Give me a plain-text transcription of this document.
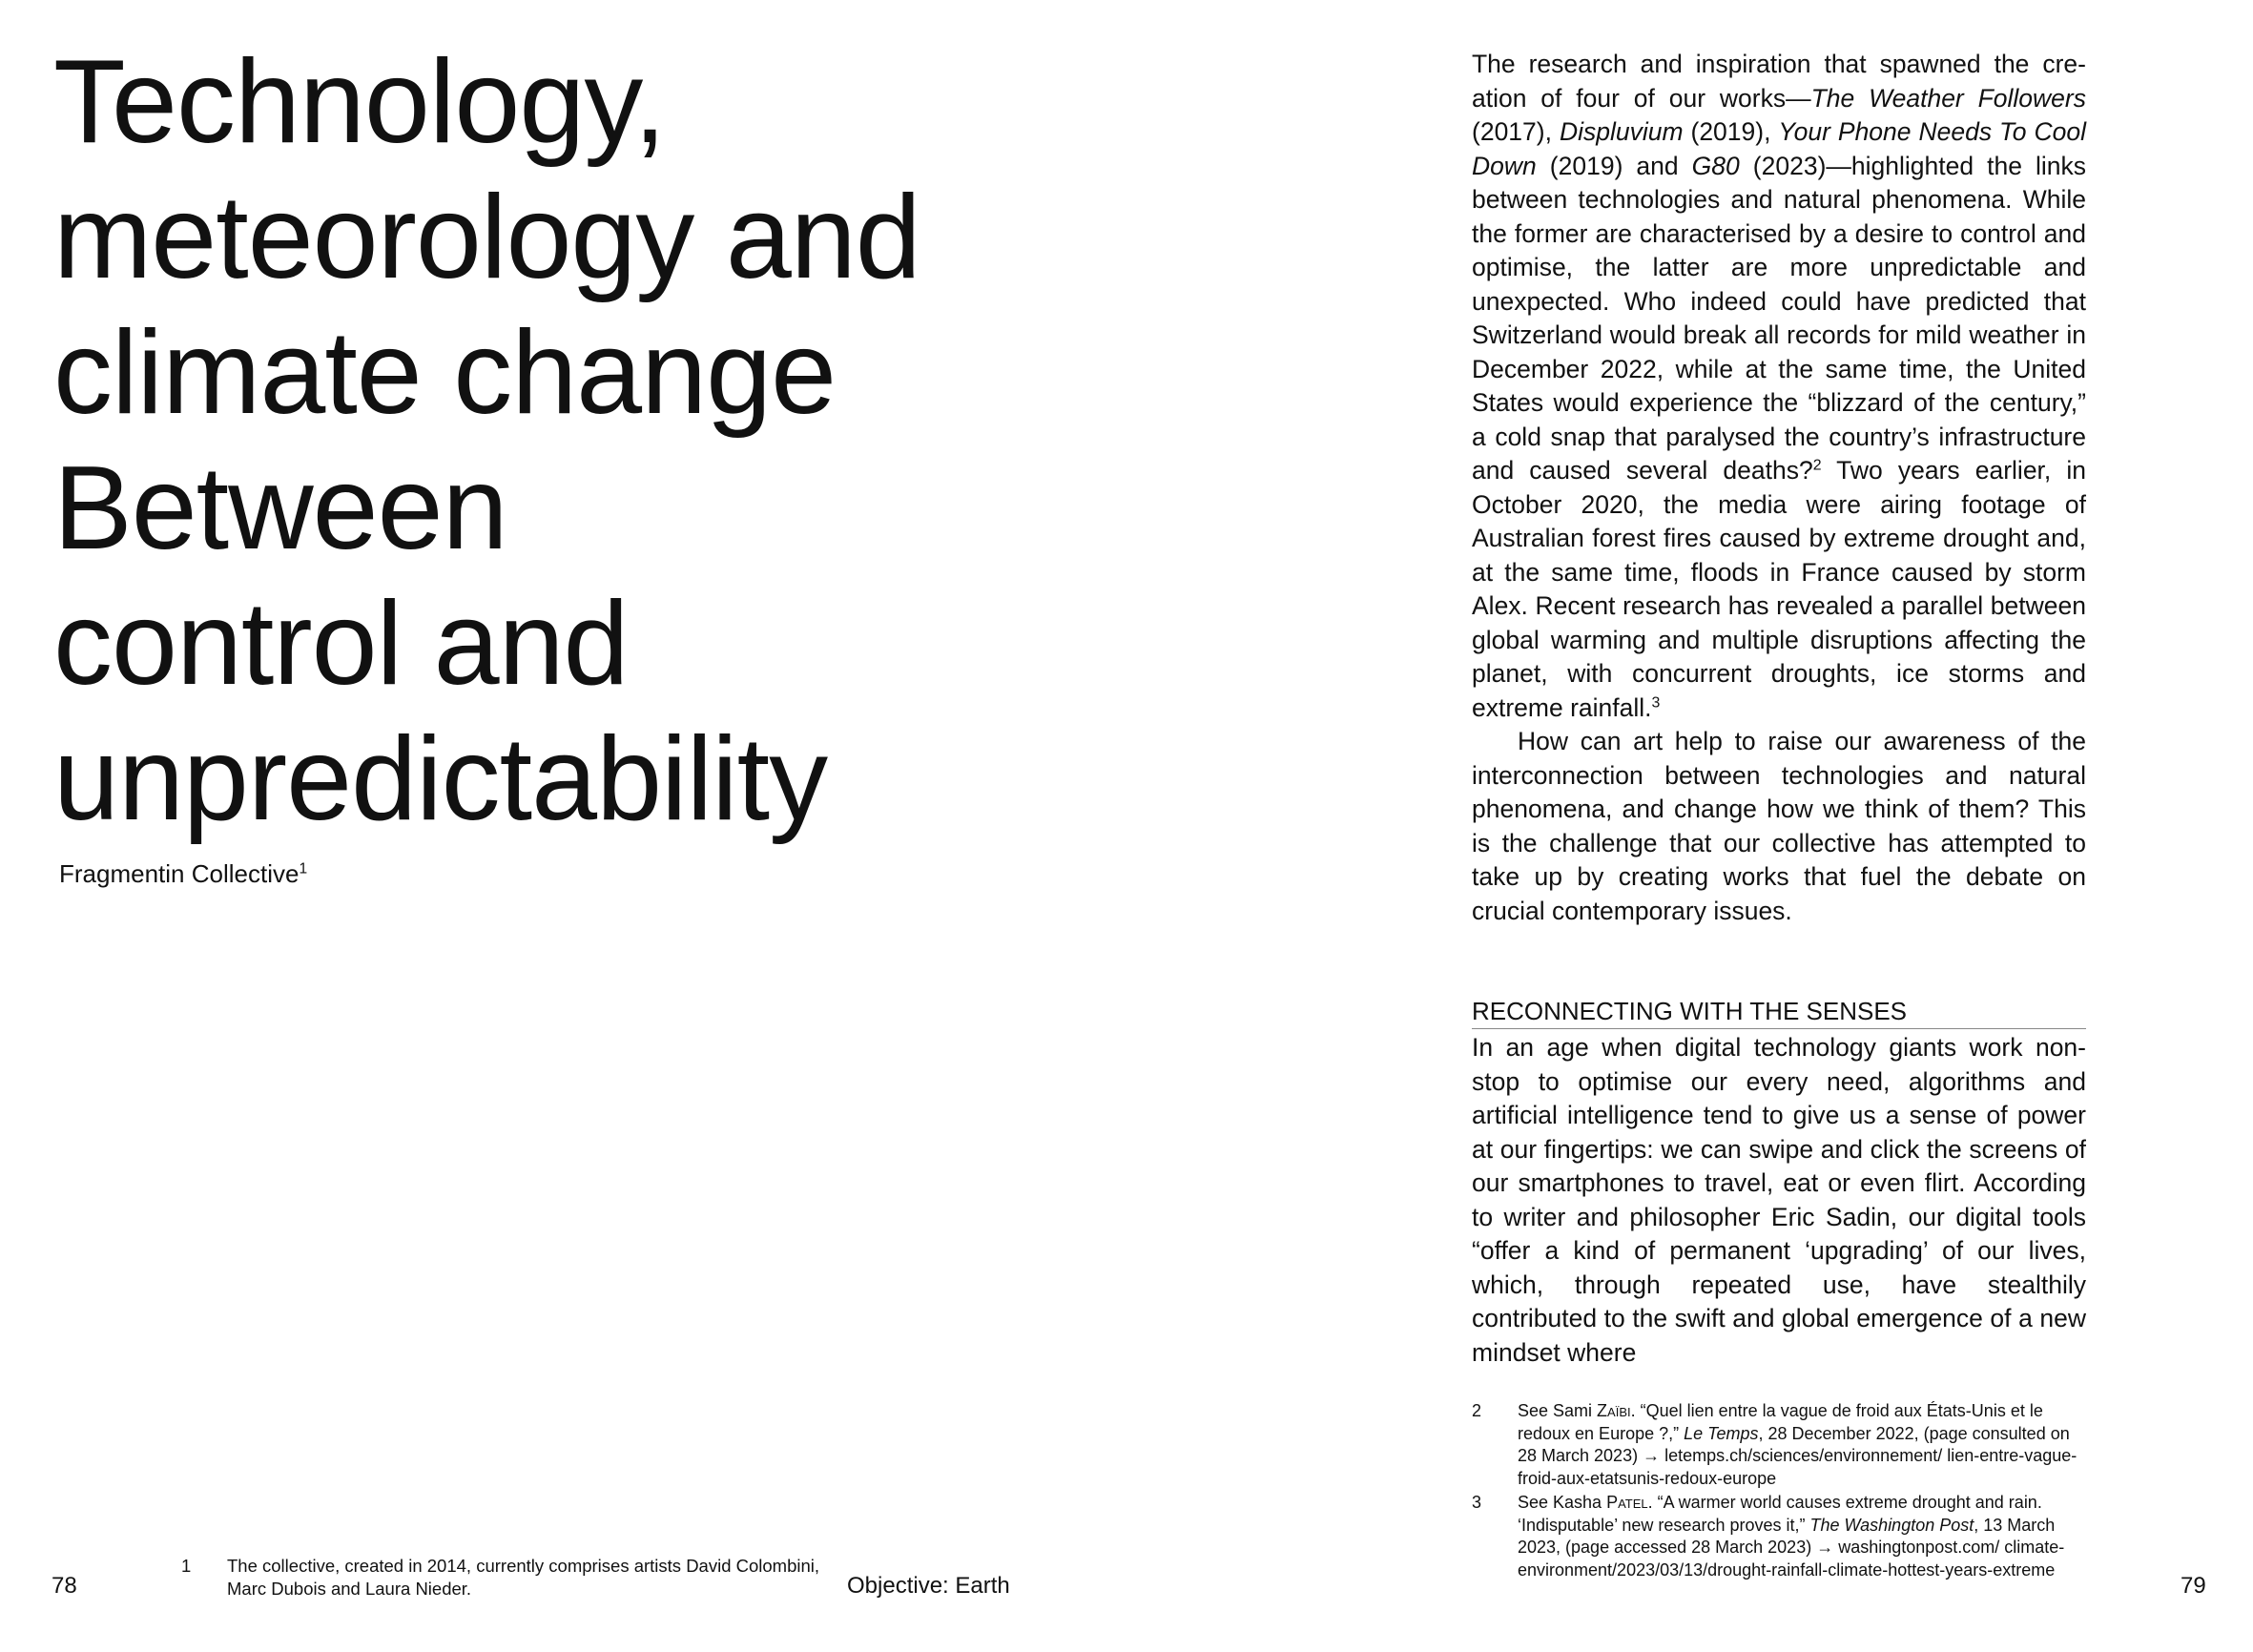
Technology,
meteorology and
climate change
Between
control and
unpredictability
Fragmentin Collective$^1$
1 The collective, created in 2014, currently comprises artists David Colombini, Marc Dubois and Laura Nieder.
78	Objective: Earth

The research and inspiration that spawned the creation of four of our works—The Weather Followers (2017), Displuvium (2019), Your Phone Needs To Cool Down (2019) and G80 (2023)—highlighted the links between technologies and natural phenomena. While the former are characterised by a desire to control and optimise, the latter are more unpredictable and unexpected. Who indeed could have predicted that Switzerland would break all records for mild weather in December 2022, while at the same time, the United States would experience the “blizzard of the century,” a cold snap that paralysed the country’s infrastructure and caused several deaths?$^2$ Two years earlier, in October 2020, the media were airing footage of Australian forest fires caused by extreme drought and, at the same time, floods in France caused by storm Alex. Recent research has revealed a parallel between global warming and multiple disruptions affecting the planet, with concurrent droughts, ice storms and extreme rainfall.$^3$

How can art help to raise our awareness of the interconnection between technologies and natural phenomena, and change how we think of them? This is the challenge that our collective has attempted to take up by creating works that fuel the debate on crucial contemporary issues.

RECONNECTING WITH THE SENSES

In an age when digital technology giants work non-stop to optimise our every need, algorithms and artificial intelligence tend to give us a sense of power at our fingertips: we can swipe and click the screens of our smartphones to travel, eat or even flirt. According to writer and philosopher Eric Sadin, our digital tools “offer a kind of permanent ‘upgrading’ of our lives, which, through repeated use, have stealthily contributed to the swift and global emergence of a new mindset where

2 See Sami Zaïbi. “Quel lien entre la vague de froid aux États-Unis et le redoux en Europe ?,” Le Temps, 28 December 2022, (page consulted on 28 March 2023) → letemps.ch/sciences/environnement/ lien-entre-vague-froid-aux-etatsunis-redoux-europe
3 See Kasha Patel. “A warmer world causes extreme drought and rain. ‘Indisputable’ new research proves it,” The Washington Post, 13 March 2023, (page accessed 28 March 2023) → washingtonpost.com/ climate-environment/2023/03/13/drought-rainfall-climate-hottest-years-extreme
79
